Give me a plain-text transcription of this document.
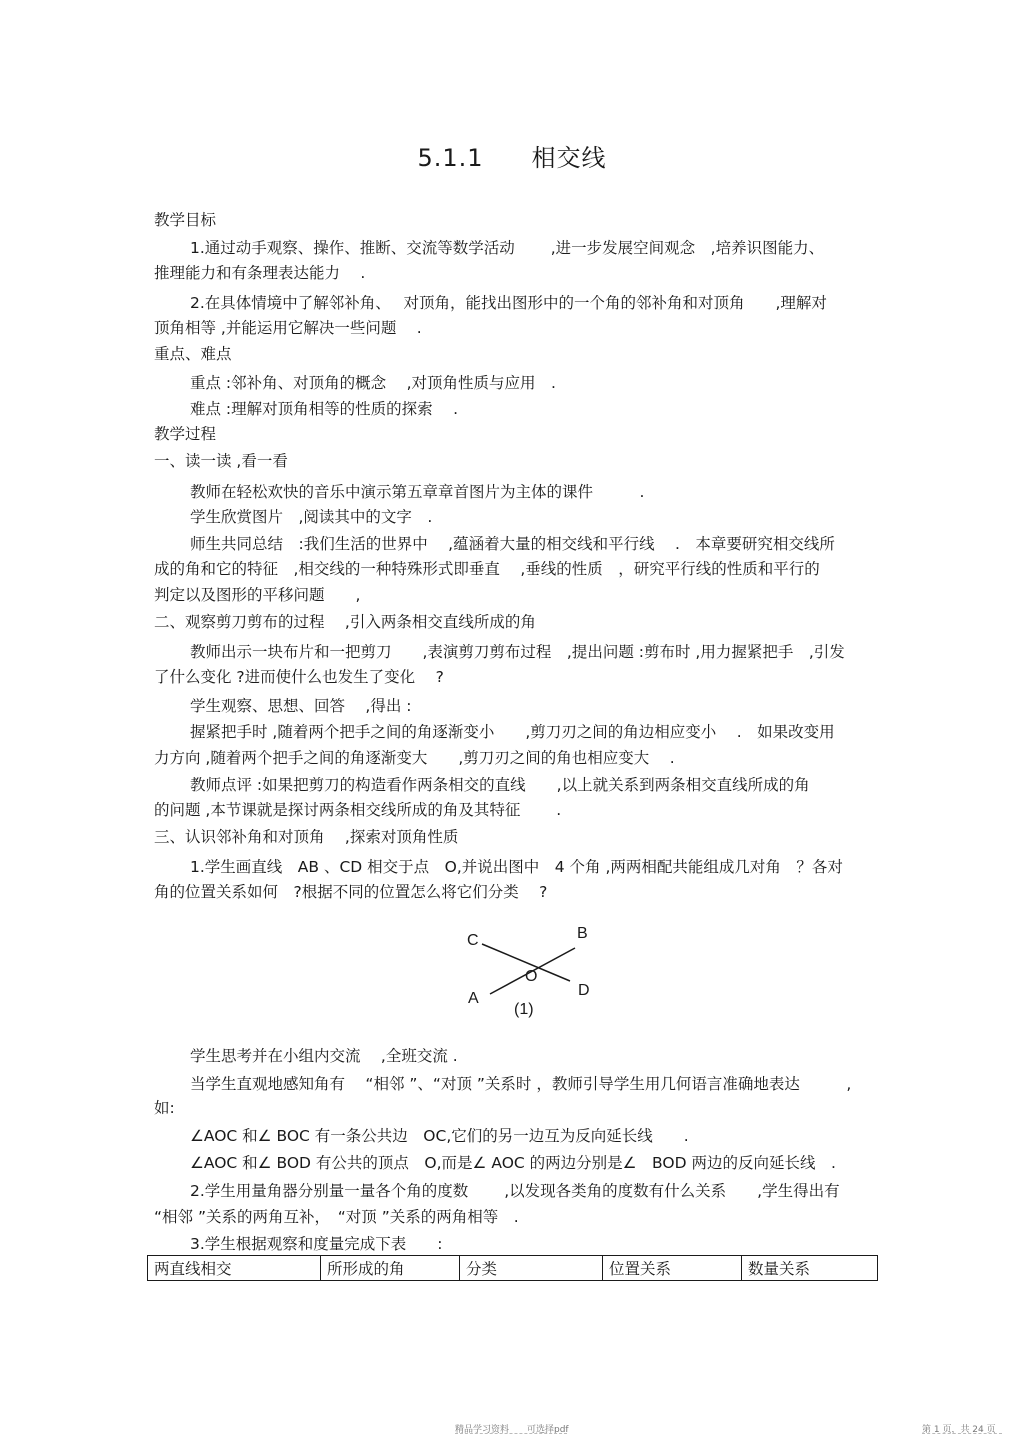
5.1.1 相交线
教学目标
1.通过动手观察、操作、推断、交流等数学活动　　 ,进一步发展空间观念　,培养识图能力、
推理能力和有条理表达能力　 .
2.在具体情境中了解邻补角、　 对顶角，能找出图形中的一个角的邻补角和对顶角　　,理解对
顶角相等 ,并能运用它解决一些问题　 .
重点、难点
重点 :邻补角、对顶角的概念　 ,对顶角性质与应用　.
难点 :理解对顶角相等的性质的探索　 .
教学过程
一、读一读 ,看一看
教师在轻松欢快的音乐中演示第五章章首图片为主体的课件　　　.
学生欣赏图片　,阅读其中的文字　.
师生共同总结　:我们生活的世界中　 ,蕴涵着大量的相交线和平行线　 .　本章要研究相交线所
成的角和它的特征　,相交线的一种特殊形式即垂直　 ,垂线的性质　，研究平行线的性质和平行的
判定以及图形的平移问题　　,
二、观察剪刀剪布的过程　 ,引入两条相交直线所成的角
教师出示一块布片和一把剪刀　　,表演剪刀剪布过程　,提出问题 :剪布时 ,用力握紧把手　,引发
了什么变化 ?进而使什么也发生了变化　 ?
学生观察、思想、回答　 ,得出 :
握紧把手时 ,随着两个把手之间的角逐渐变小　　,剪刀刃之间的角边相应变小　 .　如果改变用
力方向 ,随着两个把手之间的角逐渐变大　　,剪刀刃之间的角也相应变大　 .
教师点评 :如果把剪刀的构造看作两条相交的直线　　,以上就关系到两条相交直线所成的角
的问题 ,本节课就是探讨两条相交线所成的角及其特征　　 .
三、认识邻补角和对顶角　 ,探索对顶角性质
1.学生画直线　AB 、CD 相交于点　O,并说出图中　4 个角 ,两两相配共能组成几对角　？各对
角的位置关系如何　?根据不同的位置怎么将它们分类　 ?
C	B
O
A	D
(1)
学生思考并在小组内交流　 ,全班交流 .
当学生直观地感知角有　 “相邻 ”、“对顶 ”关系时 ，教师引导学生用几何语言准确地表达　　　,
如:
∠AOC 和∠ BOC 有一条公共边　OC,它们的另一边互为反向延长线　　.
∠AOC 和∠ BOD 有公共的顶点　O,而是∠ AOC 的两边分别是∠　BOD 两边的反向延长线　.
2.学生用量角器分别量一量各个角的度数　　 ,以发现各类角的度数有什么关系　　,学生得出有
“相邻 ”关系的两角互补，　“对顶 ”关系的两角相等　.
3.学生根据观察和度量完成下表　　:
两直线相交	所形成的角	分类	位置关系	数量关系
精品学习资料　　可选择pdf	第 1 页，共 24 页
